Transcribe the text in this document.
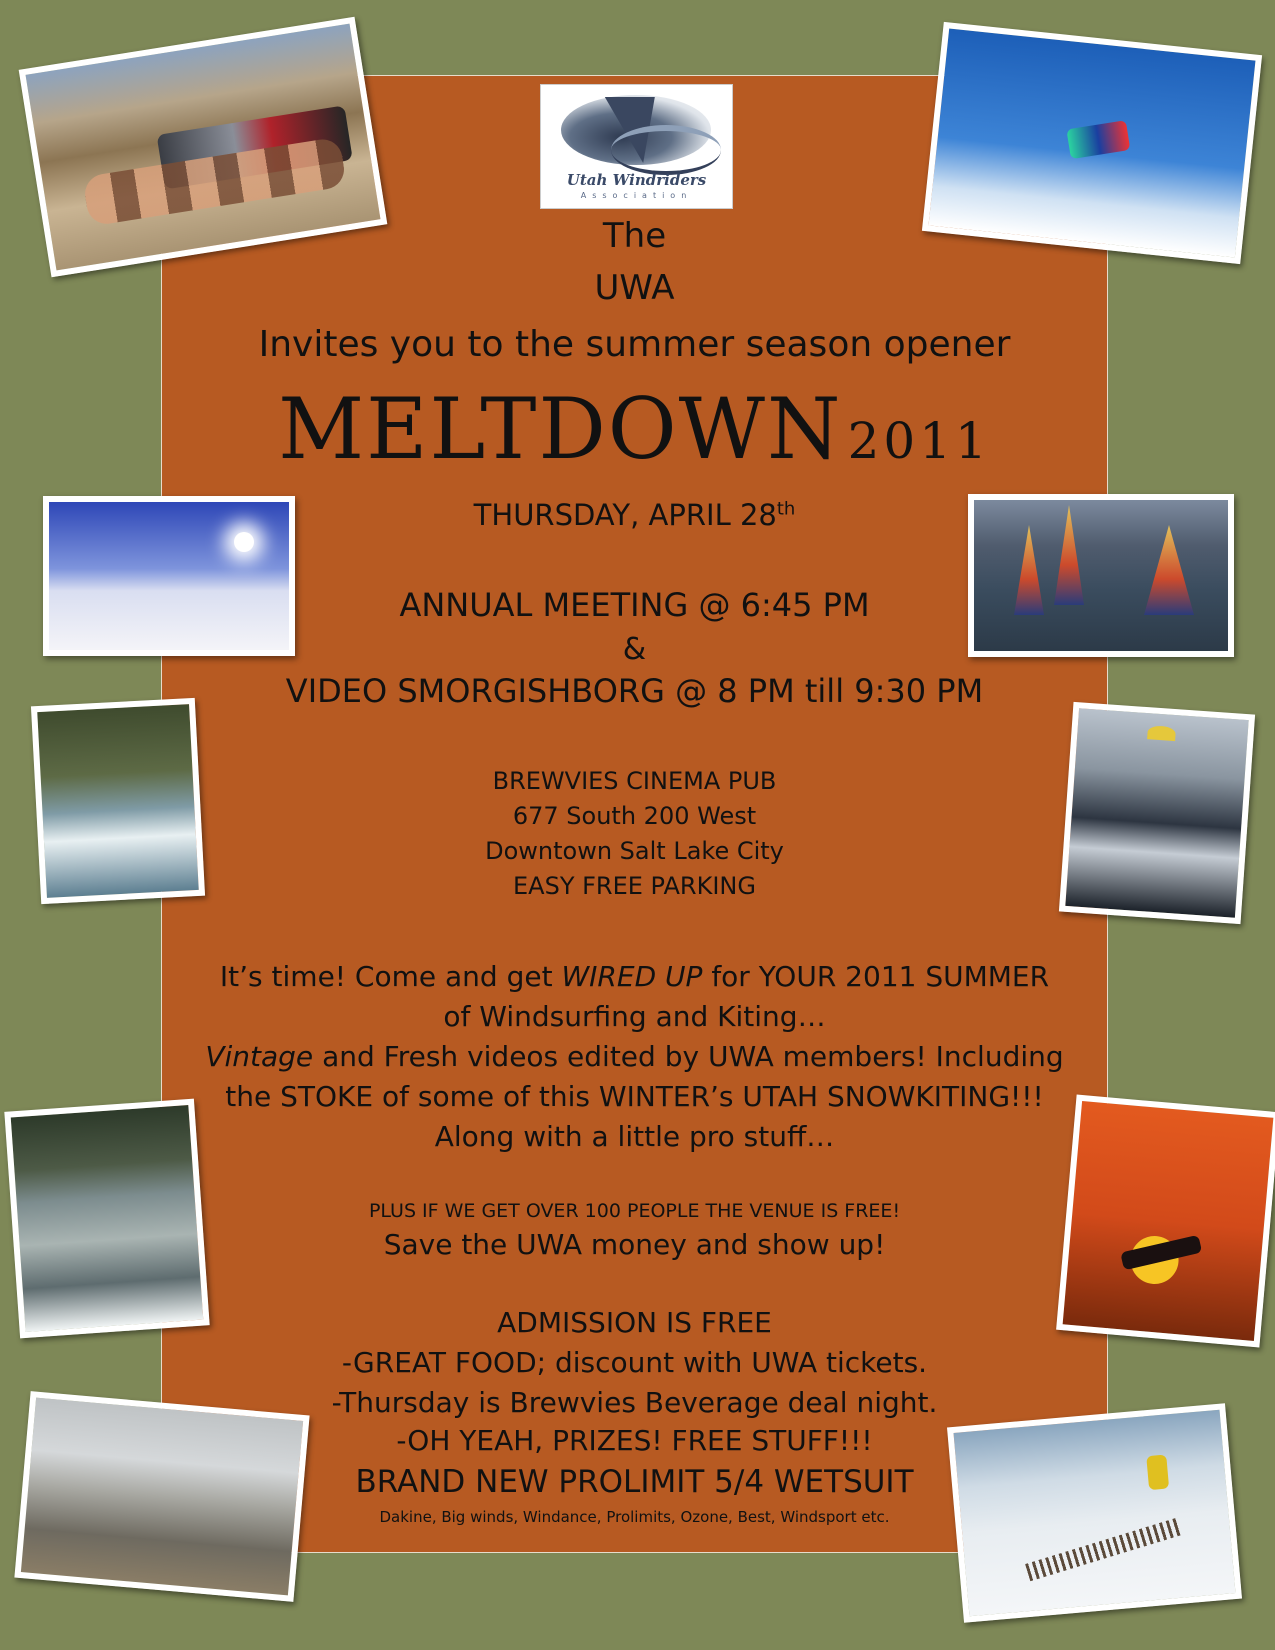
Utah Windriders
Association
The
UWA
Invites you to the summer season opener
MELTDOWN 2011
THURSDAY, APRIL 28th
ANNUAL MEETING @ 6:45 PM
&
VIDEO SMORGISHBORG @ 8 PM till 9:30 PM
BREWVIES CINEMA PUB
677 South 200 West
Downtown Salt Lake City
EASY FREE PARKING
It’s time! Come and get WIRED UP for YOUR 2011 SUMMER
of Windsurfing and Kiting…
Vintage and Fresh videos edited by UWA members! Including
the STOKE of some of this WINTER’s UTAH SNOWKITING!!!
Along with a little pro stuff…
PLUS IF WE GET OVER 100 PEOPLE THE VENUE IS FREE!
Save the UWA money and show up!
ADMISSION IS FREE
-GREAT FOOD; discount with UWA tickets.
-Thursday is Brewvies Beverage deal night.
-OH YEAH, PRIZES! FREE STUFF!!!
BRAND NEW PROLIMIT 5/4 WETSUIT
Dakine, Big winds, Windance, Prolimits, Ozone, Best, Windsport etc.
